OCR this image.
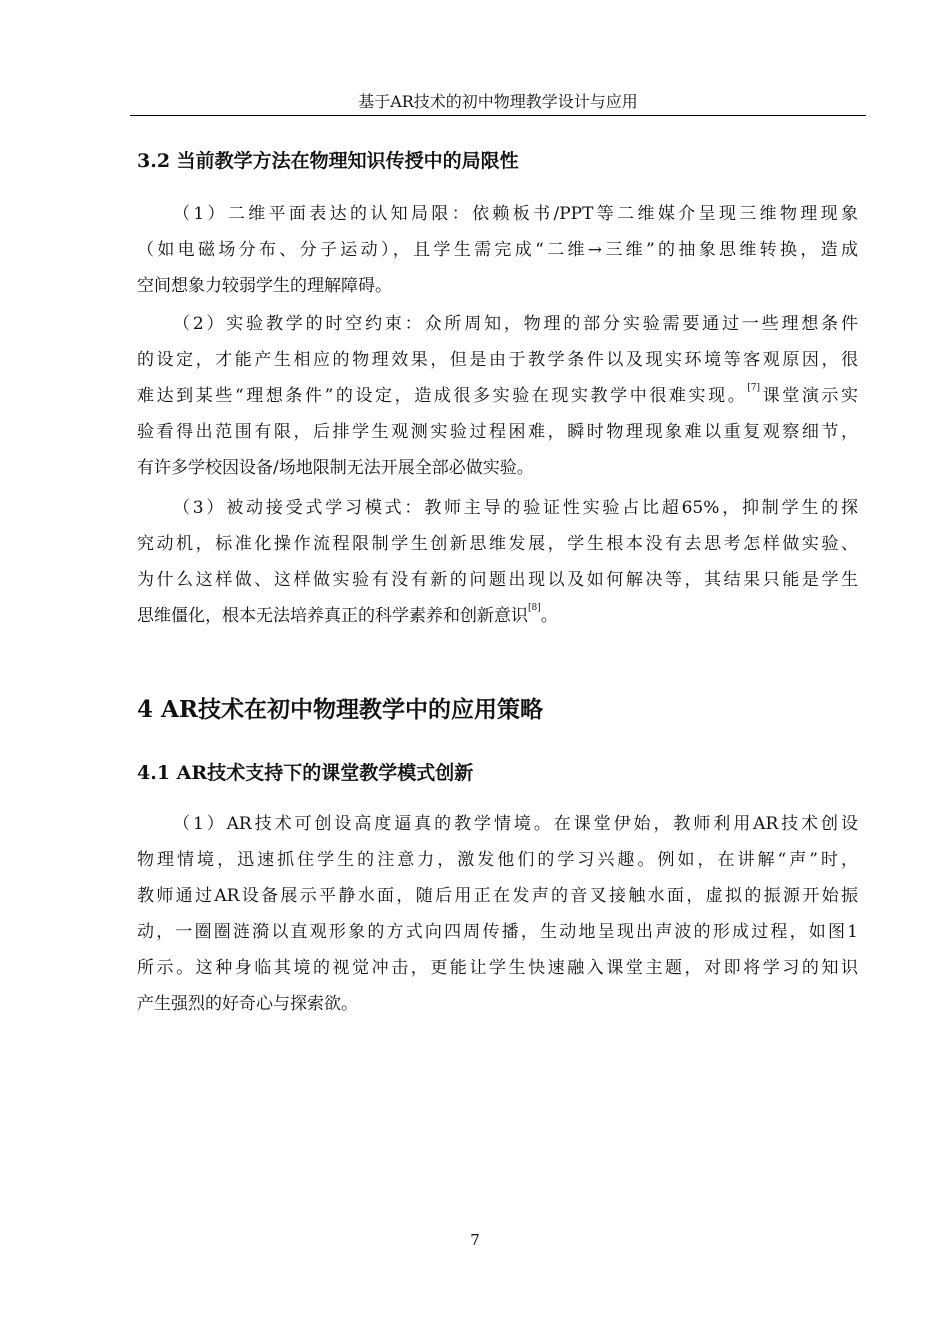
基于AR技术的初中物理教学设计与应用
3.2 当前教学方法在物理知识传授中的局限性
（1）二维平面表达的认知局限：依赖板书/PPT等二维媒介呈现三维物理现象
（如电磁场分布、分子运动），且学生需完成“二维→三维”的抽象思维转换，造成
空间想象力较弱学生的理解障碍。
（2）实验教学的时空约束：众所周知，物理的部分实验需要通过一些理想条件
的设定，才能产生相应的物理效果，但是由于教学条件以及现实环境等客观原因，很
难达到某些“理想条件”的设定，造成很多实验在现实教学中很难实现。[7]课堂演示实
验看得出范围有限，后排学生观测实验过程困难，瞬时物理现象难以重复观察细节，
有许多学校因设备/场地限制无法开展全部必做实验。
（3）被动接受式学习模式：教师主导的验证性实验占比超65%，抑制学生的探
究动机，标准化操作流程限制学生创新思维发展，学生根本没有去思考怎样做实验、
为什么这样做、这样做实验有没有新的问题出现以及如何解决等，其结果只能是学生
思维僵化，根本无法培养真正的科学素养和创新意识[8]。
4 AR技术在初中物理教学中的应用策略
4.1 AR技术支持下的课堂教学模式创新
（1）AR技术可创设高度逼真的教学情境。在课堂伊始，教师利用AR技术创设
物理情境，迅速抓住学生的注意力，激发他们的学习兴趣。例如，在讲解“声”时，
教师通过AR设备展示平静水面，随后用正在发声的音叉接触水面，虚拟的振源开始振
动，一圈圈涟漪以直观形象的方式向四周传播，生动地呈现出声波的形成过程，如图1
所示。这种身临其境的视觉冲击，更能让学生快速融入课堂主题，对即将学习的知识
产生强烈的好奇心与探索欲。
7
